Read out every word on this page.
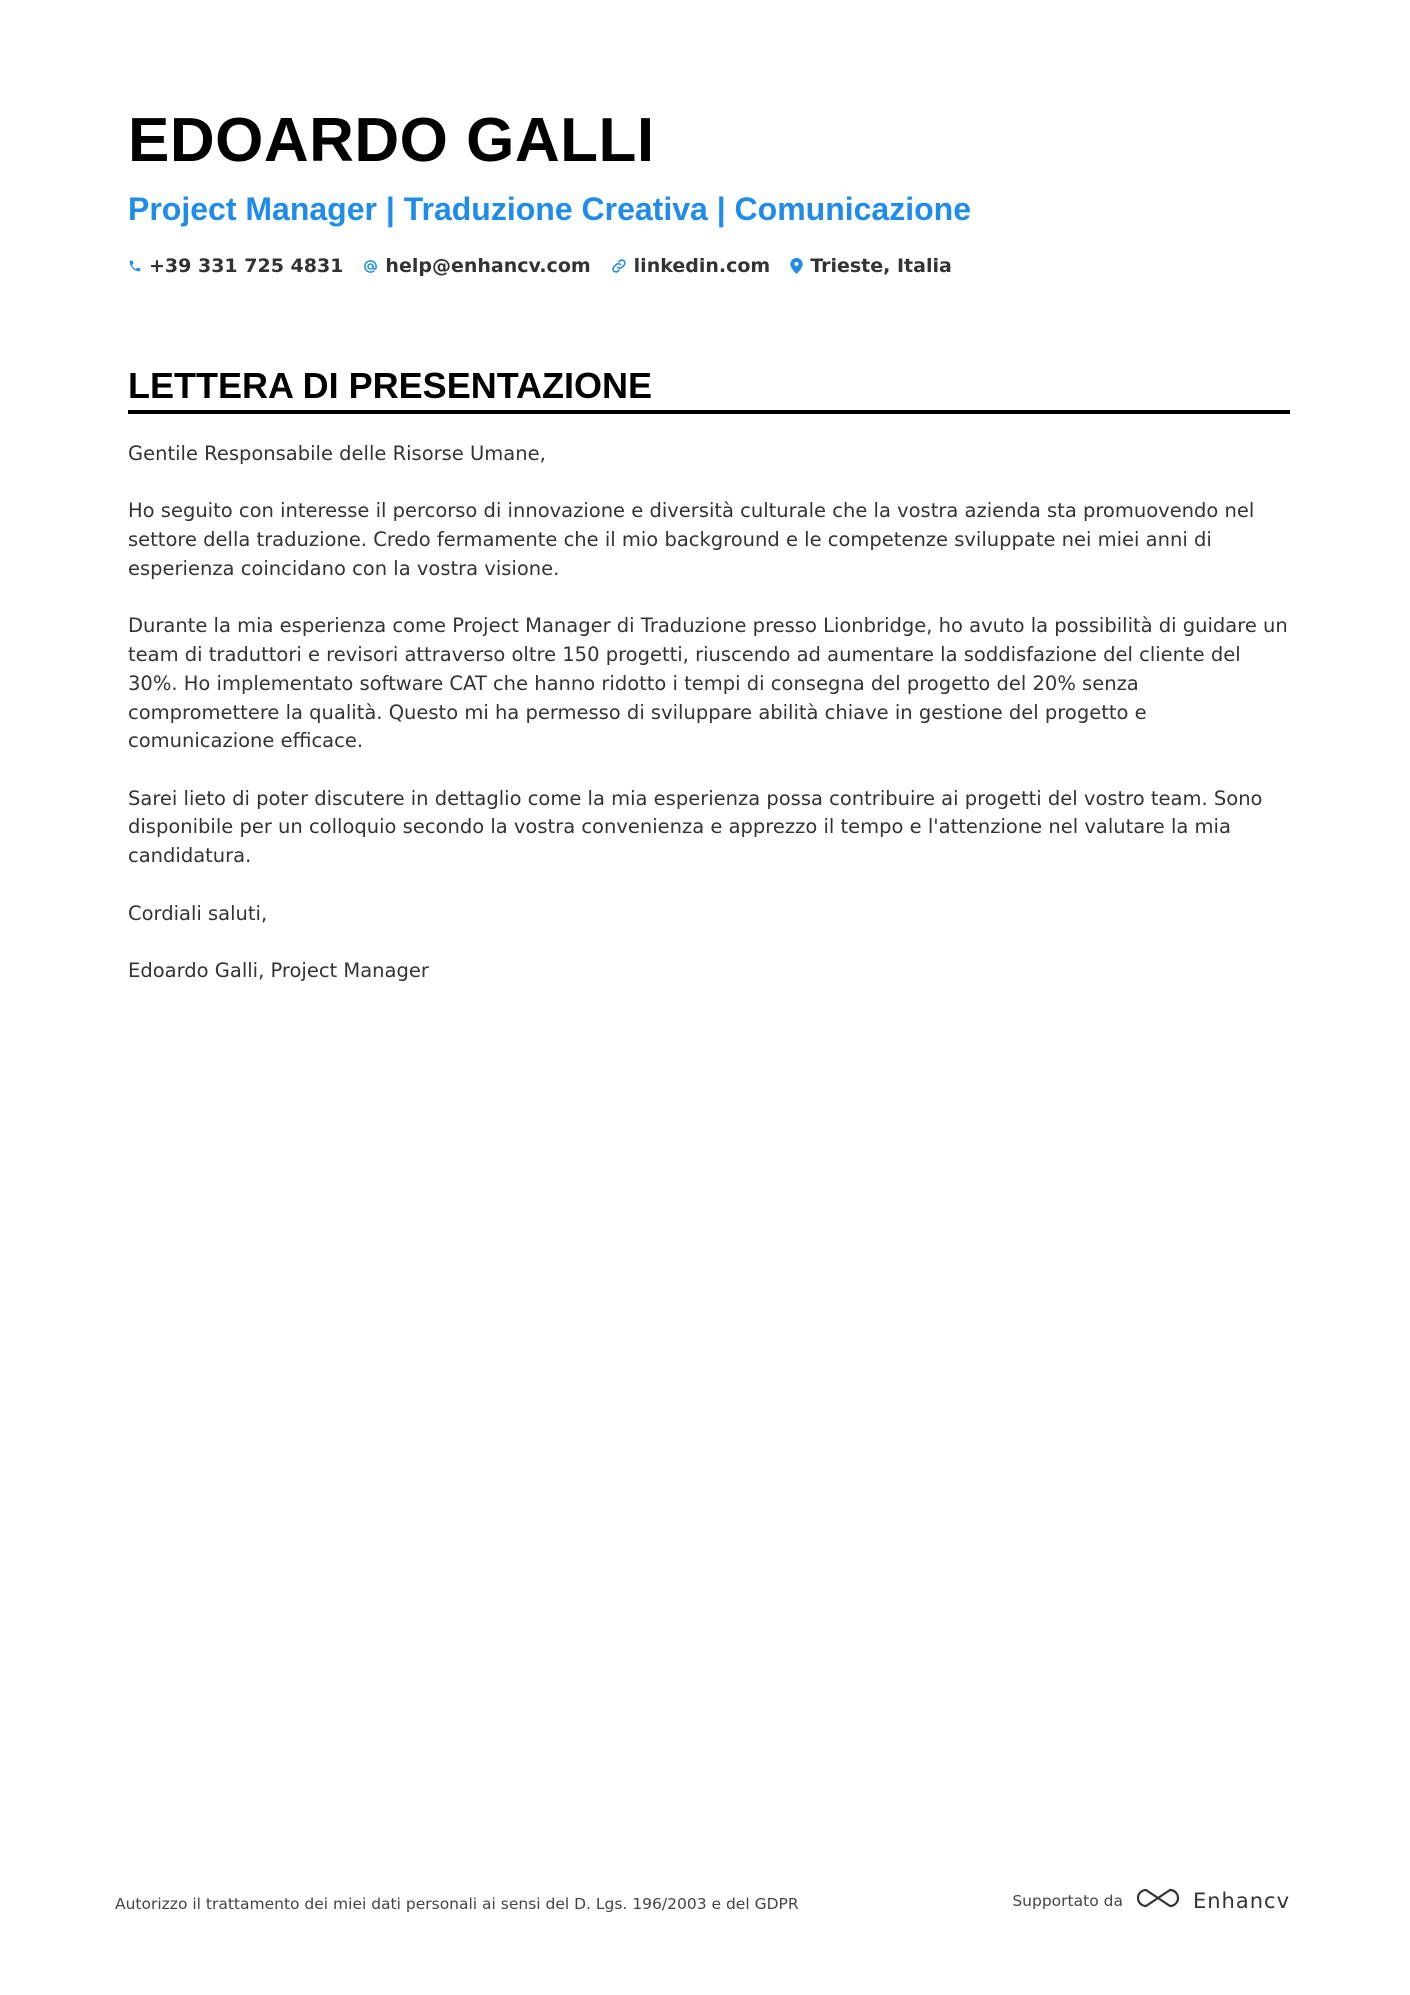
EDOARDO GALLI
Project Manager | Traduzione Creativa | Comunicazione
+39 331 725 4831 help@enhancv.com linkedin.com Trieste, Italia
LETTERA DI PRESENTAZIONE

Gentile Responsabile delle Risorse Umane,

Ho seguito con interesse il percorso di innovazione e diversità culturale che la vostra azienda sta promuovendo nel settore della traduzione. Credo fermamente che il mio background e le competenze sviluppate nei miei anni di esperienza coincidano con la vostra visione.

Durante la mia esperienza come Project Manager di Traduzione presso Lionbridge, ho avuto la possibilità di guidare un team di traduttori e revisori attraverso oltre 150 progetti, riuscendo ad aumentare la soddisfazione del cliente del 30%. Ho implementato software CAT che hanno ridotto i tempi di consegna del progetto del 20% senza compromettere la qualità. Questo mi ha permesso di sviluppare abilità chiave in gestione del progetto e comunicazione efficace.

Sarei lieto di poter discutere in dettaglio come la mia esperienza possa contribuire ai progetti del vostro team. Sono disponibile per un colloquio secondo la vostra convenienza e apprezzo il tempo e l'attenzione nel valutare la mia candidatura.

Cordiali saluti,

Edoardo Galli, Project Manager

Autorizzo il trattamento dei miei dati personali ai sensi del D. Lgs. 196/2003 e del GDPR	Supportato da	Enhancv
